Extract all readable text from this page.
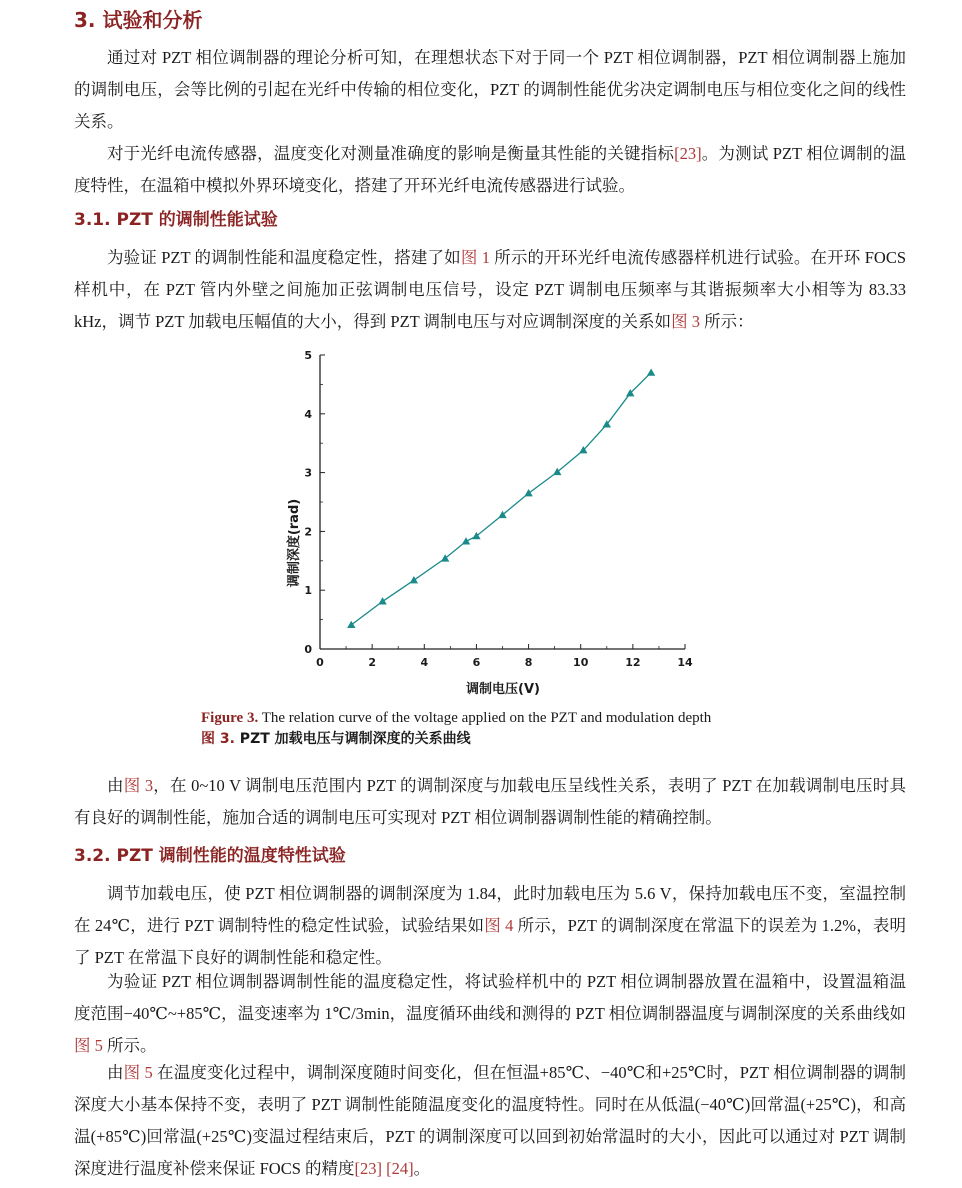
3. 试验和分析

通过对 PZT 相位调制器的理论分析可知，在理想状态下对于同一个 PZT 相位调制器，PZT 相位调制器上施加的调制电压，会等比例的引起在光纤中传输的相位变化，PZT 的调制性能优劣决定调制电压与相位变化之间的线性关系。

对于光纤电流传感器，温度变化对测量准确度的影响是衡量其性能的关键指标[23]。为测试 PZT 相位调制的温度特性，在温箱中模拟外界环境变化，搭建了开环光纤电流传感器进行试验。

3.1. PZT 的调制性能试验

为验证 PZT 的调制性能和温度稳定性，搭建了如图 1 所示的开环光纤电流传感器样机进行试验。在开环 FOCS 样机中，在 PZT 管内外壁之间施加正弦调制电压信号，设定 PZT 调制电压频率与其谐振频率大小相等为 83.33 kHz，调节 PZT 加载电压幅值的大小，得到 PZT 调制电压与对应调制深度的关系如图 3 所示：

0	2	4	6	8	10	12	14
0
1
2
3
4
5
调制电压(V)
调制深度(rad)
Figure 3. The relation curve of the voltage applied on the PZT and modulation depth
图 3. PZT 加载电压与调制深度的关系曲线

由图 3，在 0~10 V 调制电压范围内 PZT 的调制深度与加载电压呈线性关系，表明了 PZT 在加载调制电压时具有良好的调制性能，施加合适的调制电压可实现对 PZT 相位调制器调制性能的精确控制。

3.2. PZT 调制性能的温度特性试验

调节加载电压，使 PZT 相位调制器的调制深度为 1.84，此时加载电压为 5.6 V，保持加载电压不变，室温控制在 24℃，进行 PZT 调制特性的稳定性试验，试验结果如图 4 所示，PZT 的调制深度在常温下的误差为 1.2%，表明了 PZT 在常温下良好的调制性能和稳定性。

为验证 PZT 相位调制器调制性能的温度稳定性，将试验样机中的 PZT 相位调制器放置在温箱中，设置温箱温度范围−40℃~+85℃，温变速率为 1℃/3min，温度循环曲线和测得的 PZT 相位调制器温度与调制深度的关系曲线如图 5 所示。

由图 5 在温度变化过程中，调制深度随时间变化，但在恒温+85℃、−40℃和+25℃时，PZT 相位调制器的调制深度大小基本保持不变，表明了 PZT 调制性能随温度变化的温度特性。同时在从低温(−40℃)回常温(+25℃)，和高温(+85℃)回常温(+25℃)变温过程结束后，PZT 的调制深度可以回到初始常温时的大小，因此可以通过对 PZT 调制深度进行温度补偿来保证 FOCS 的精度[23] [24]。
